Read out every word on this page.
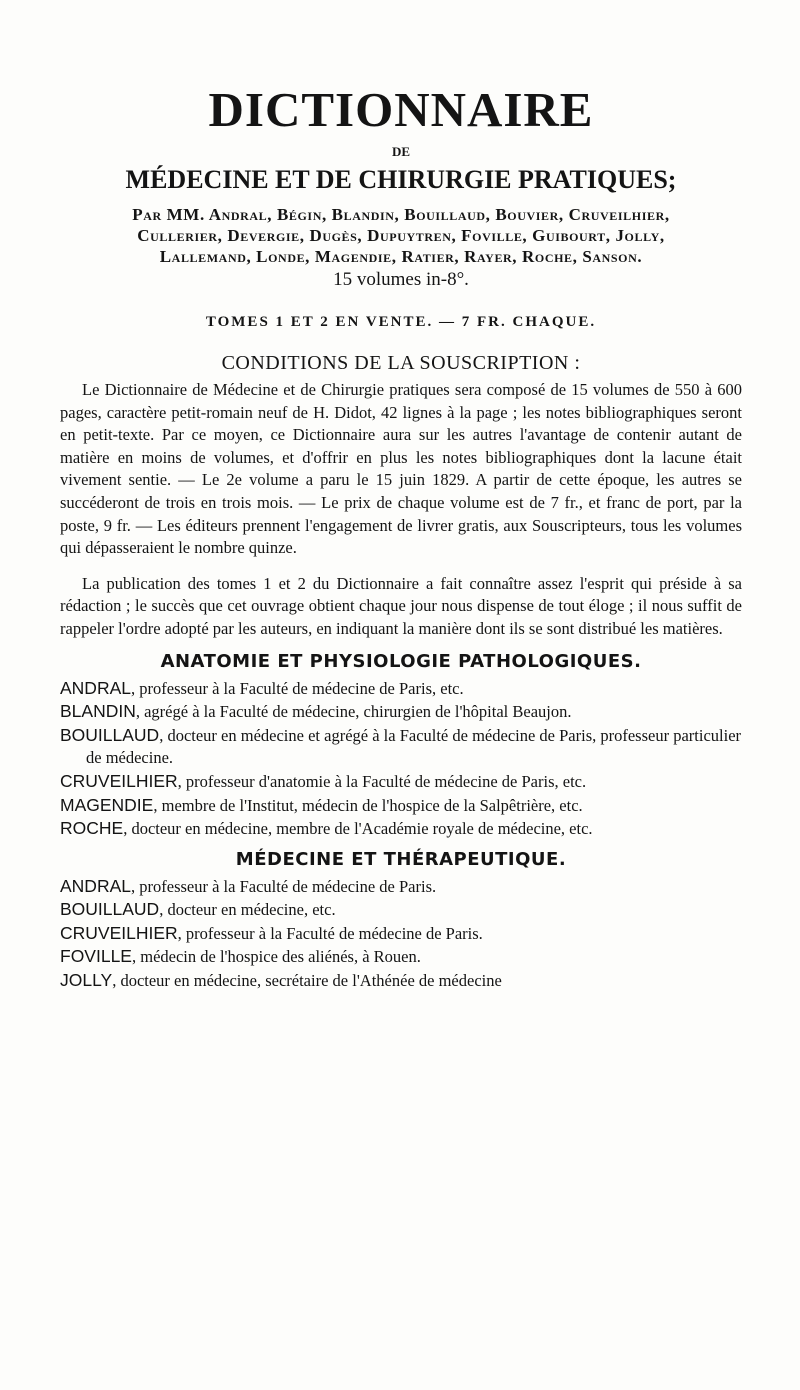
DICTIONNAIRE
DE
MÉDECINE ET DE CHIRURGIE PRATIQUES;
Par MM. Andral, Bégin, Blandin, Bouillaud, Bouvier, Cruveilhier,
Cullerier, Devergie, Dugès, Dupuytren, Foville, Guibourt, Jolly,
Lallemand, Londe, Magendie, Ratier, Rayer, Roche, Sanson.
15 volumes in-8°.
TOMES 1 ET 2 EN VENTE. — 7 FR. CHAQUE.
CONDITIONS DE LA SOUSCRIPTION :

Le Dictionnaire de Médecine et de Chirurgie pratiques sera composé de 15 volumes de 550 à 600 pages, caractère petit-romain neuf de H. Didot, 42 lignes à la page ; les notes bibliographiques seront en petit-texte. Par ce moyen, ce Dictionnaire aura sur les autres l'avantage de contenir autant de matière en moins de volumes, et d'offrir en plus les notes bibliographiques dont la lacune était vivement sentie. — Le 2e volume a paru le 15 juin 1829. A partir de cette époque, les autres se succéderont de trois en trois mois. — Le prix de chaque volume est de 7 fr., et franc de port, par la poste, 9 fr. — Les éditeurs prennent l'engagement de livrer gratis, aux Souscripteurs, tous les volumes qui dépasseraient le nombre quinze.

La publication des tomes 1 et 2 du Dictionnaire a fait connaître assez l'esprit qui préside à sa rédaction ; le succès que cet ouvrage obtient chaque jour nous dispense de tout éloge ; il nous suffit de rappeler l'ordre adopté par les auteurs, en indiquant la manière dont ils se sont distribué les matières.

ANATOMIE ET PHYSIOLOGIE PATHOLOGIQUES.
ANDRAL, professeur à la Faculté de médecine de Paris, etc.
BLANDIN, agrégé à la Faculté de médecine, chirurgien de l'hôpital Beaujon.
BOUILLAUD, docteur en médecine et agrégé à la Faculté de médecine de Paris, professeur particulier de médecine.
CRUVEILHIER, professeur d'anatomie à la Faculté de médecine de Paris, etc.
MAGENDIE, membre de l'Institut, médecin de l'hospice de la Salpêtrière, etc.
ROCHE, docteur en médecine, membre de l'Académie royale de médecine, etc.
MÉDECINE ET THÉRAPEUTIQUE.
ANDRAL, professeur à la Faculté de médecine de Paris.
BOUILLAUD, docteur en médecine, etc.
CRUVEILHIER, professeur à la Faculté de médecine de Paris.
FOVILLE, médecin de l'hospice des aliénés, à Rouen.
JOLLY, docteur en médecine, secrétaire de l'Athénée de médecine
